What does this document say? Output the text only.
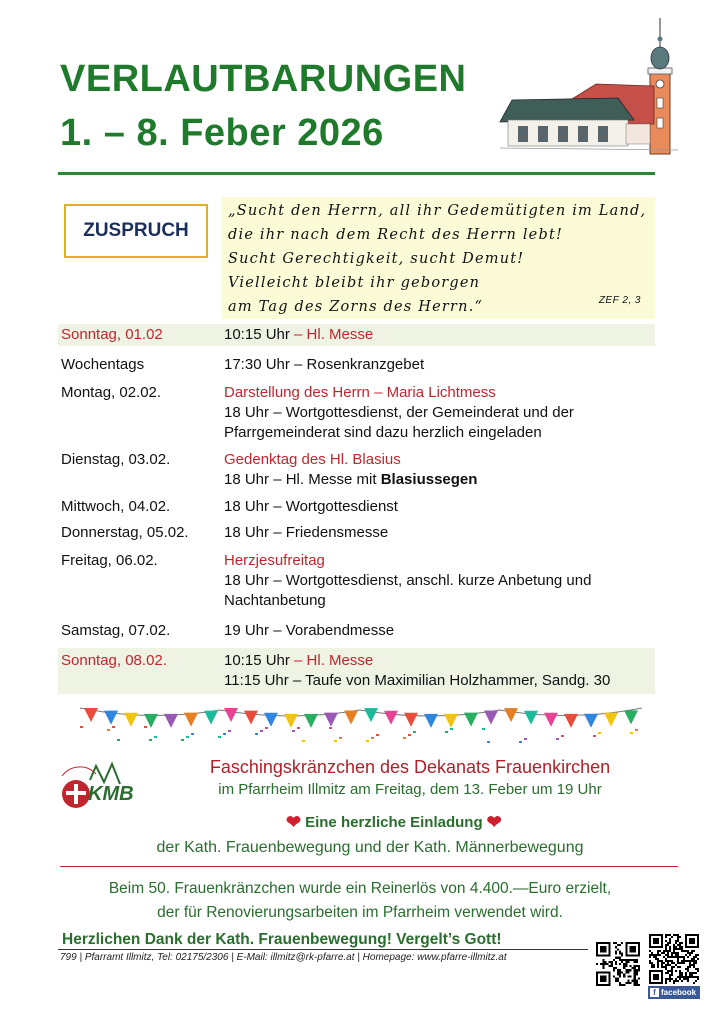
VERLAUTBARUNGEN
1. – 8. Feber 2026
ZUSPRUCH
„Sucht den Herrn, all ihr Gedemütigten im Land,
die ihr nach dem Recht des Herrn lebt!
Sucht Gerechtigkeit, sucht Demut!
Vielleicht bleibt ihr geborgen
am Tag des Zorns des Herrn.“	ZEF 2, 3
Sonntag, 01.02	10:15 Uhr – Hl. Messe
Wochentags	17:30 Uhr – Rosenkranzgebet
Montag, 02.02.	Darstellung des Herrn – Maria Lichtmess
18 Uhr – Wortgottesdienst, der Gemeinderat und der
Pfarrgemeinderat sind dazu herzlich eingeladen
Dienstag, 03.02.	Gedenktag des Hl. Blasius
18 Uhr – Hl. Messe mit Blasiussegen
Mittwoch, 04.02.	18 Uhr – Wortgottesdienst
Donnerstag, 05.02. 18 Uhr – Friedensmesse
Freitag, 06.02.	Herzjesufreitag
18 Uhr – Wortgottesdienst, anschl. kurze Anbetung und
Nachtanbetung
Samstag, 07.02.	19 Uhr – Vorabendmesse
Sonntag, 08.02.	10:15 Uhr – Hl. Messe
11:15 Uhr – Taufe von Maximilian Holzhammer, Sandg. 30
KMB
Faschingskränzchen des Dekanats Frauenkirchen
im Pfarrheim Illmitz am Freitag, dem 13. Feber um 19 Uhr
❤ Eine herzliche Einladung ❤
der Kath. Frauenbewegung und der Kath. Männerbewegung
Beim 50. Frauenkränzchen wurde ein Reinerlös von 4.400.—Euro erzielt,
der für Renovierungsarbeiten im Pfarrheim verwendet wird.
Herzlichen Dank der Kath. Frauenbewegung! Vergelt’s Gott!
799 | Pfarramt Illmitz, Tel: 02175/2306 | E-Mail: illmitz@rk-pfarre.at | Homepage: www.pfarre-illmitz.at
f facebook
